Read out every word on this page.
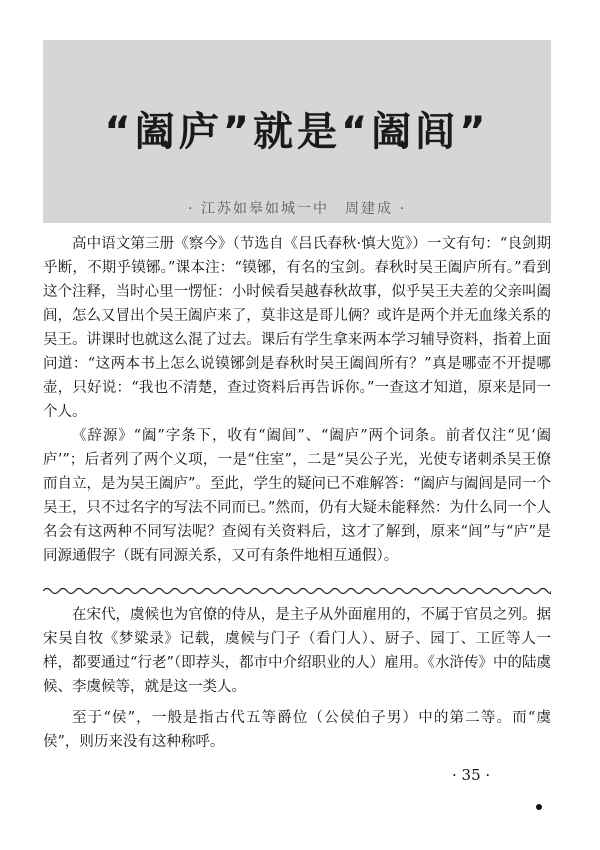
“阖庐”就是“阖闾”
· 江苏如皋如城一中　周建成 ·

高中语文第三册《察今》（节选自《吕氏春秋·慎大览》）一文有句：“良剑期乎断，不期乎镆铘。”课本注：“镆铘，有名的宝剑。春秋时吴王阖庐所有。”看到这个注释，当时心里一愣怔：小时候看吴越春秋故事，似乎吴王夫差的父亲叫阖闾，怎么又冒出个吴王阖庐来了，莫非这是哥儿俩？或许是两个并无血缘关系的吴王。讲课时也就这么混了过去。课后有学生拿来两本学习辅导资料，指着上面问道：“这两本书上怎么说镆铘剑是春秋时吴王阖闾所有？”真是哪壶不开提哪壶，只好说：“我也不清楚，查过资料后再告诉你。”一查这才知道，原来是同一个人。

《辞源》“阖”字条下，收有“阖闾”、“阖庐”两个词条。前者仅注“见‘阖庐’”；后者列了两个义项，一是“住室”，二是“吴公子光，光使专诸刺杀吴王僚而自立，是为吴王阖庐”。至此，学生的疑问已不难解答：“阖庐与阖闾是同一个吴王，只不过名字的写法不同而已。”然而，仍有大疑未能释然：为什么同一个人名会有这两种不同写法呢？查阅有关资料后，这才了解到，原来“闾”与“庐”是同源通假字（既有同源关系，又可有条件地相互通假）。

在宋代，虞候也为官僚的侍从，是主子从外面雇用的，不属于官员之列。据宋吴自牧《梦粱录》记载，虞候与门子（看门人）、厨子、园丁、工匠等人一样，都要通过“行老”（即荐头，都市中介绍职业的人）雇用。《水浒传》中的陆虞候、李虞候等，就是这一类人。

至于“侯”，一般是指古代五等爵位（公侯伯子男）中的第二等。而“虞侯”，则历来没有这种称呼。

· 35 ·
